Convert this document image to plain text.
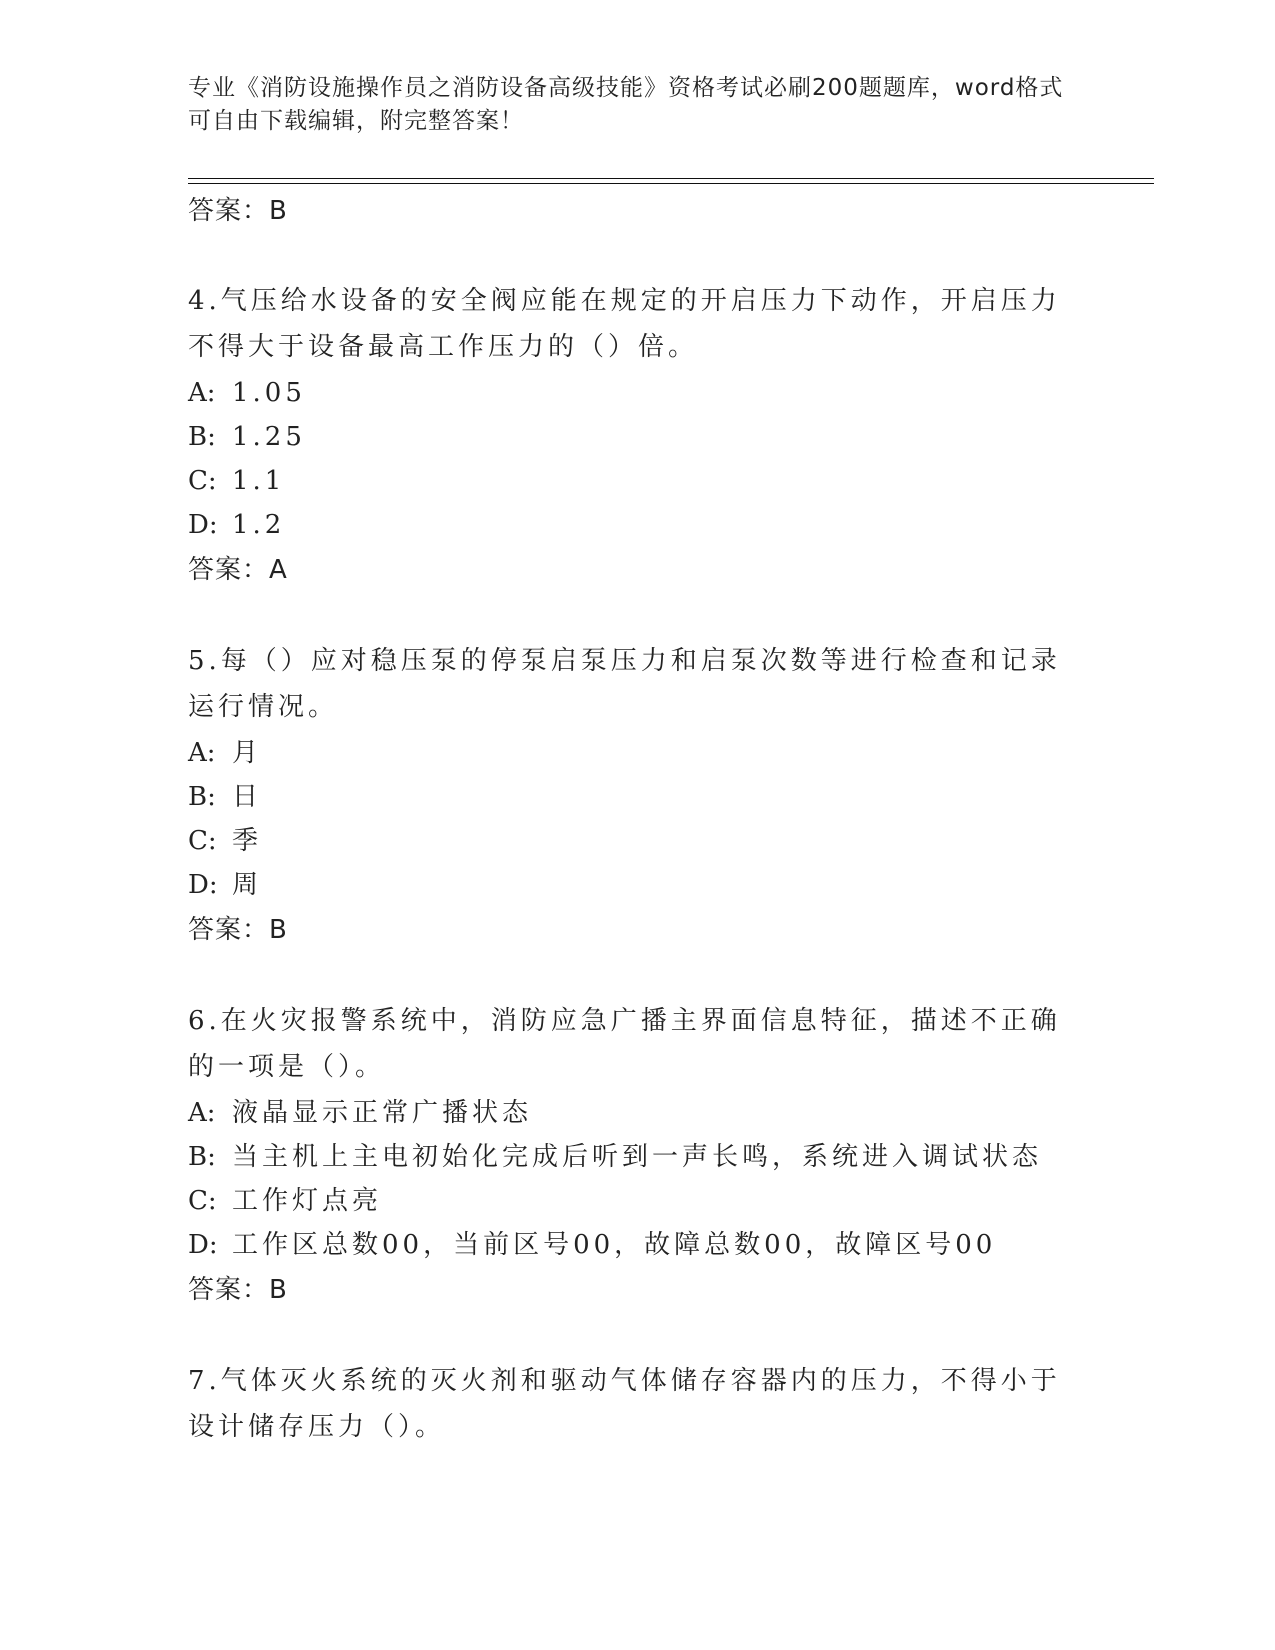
专业《消防设施操作员之消防设备高级技能》资格考试必刷200题题库，word格式可自由下载编辑，附完整答案！

答案：B

4.气压给水设备的安全阀应能在规定的开启压力下动作，开启压力不得大于设备最高工作压力的（）倍。

A: 1.05

B: 1.25

C: 1.1

D: 1.2

答案：A

5.每（）应对稳压泵的停泵启泵压力和启泵次数等进行检查和记录运行情况。

A: 月

B: 日

C: 季

D: 周

答案：B

6.在火灾报警系统中，消防应急广播主界面信息特征，描述不正确的一项是（）。

A: 液晶显示正常广播状态

B: 当主机上主电初始化完成后听到一声长鸣，系统进入调试状态

C: 工作灯点亮

D: 工作区总数00，当前区号00，故障总数00，故障区号00

答案：B

7.气体灭火系统的灭火剂和驱动气体储存容器内的压力，不得小于设计储存压力（）。
